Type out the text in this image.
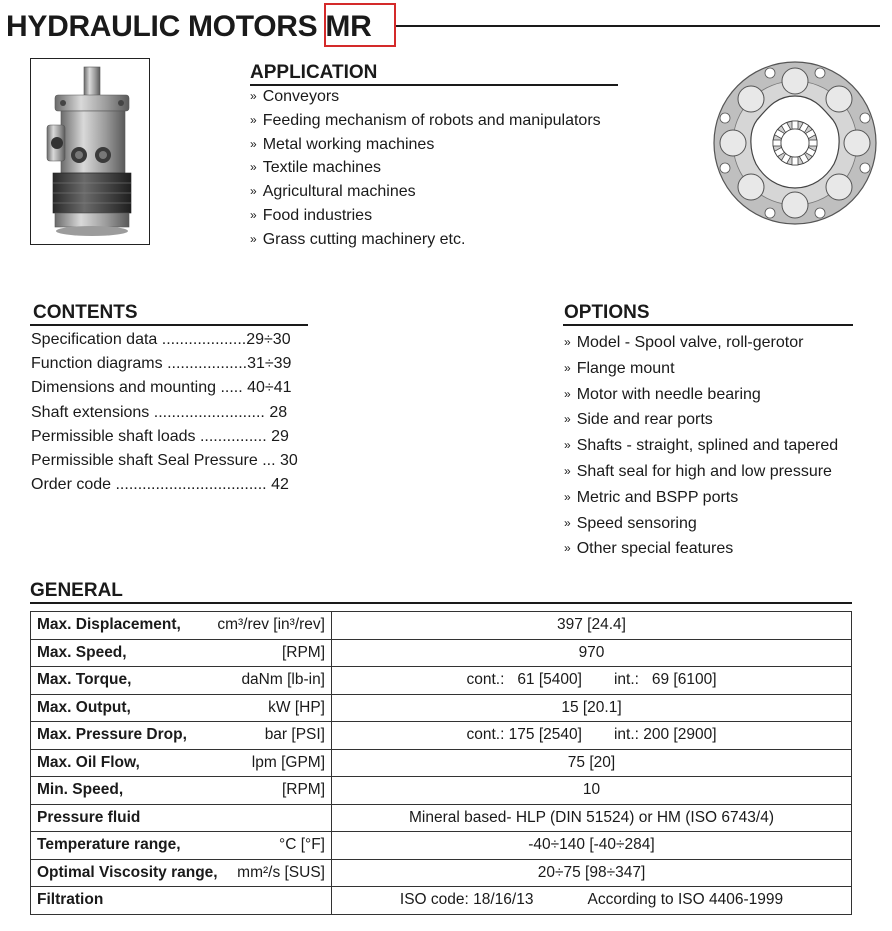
HYDRAULIC MOTORS MR
APPLICATION
» Conveyors
» Feeding mechanism of robots and manipulators
» Metal working machines
» Textile machines
» Agricultural machines
» Food industries
» Grass cutting machinery etc.
CONTENTS
Specification data ...................29÷30
Function diagrams ..................31÷39
Dimensions and mounting ..... 40÷41
Shaft extensions ......................... 28
Permissible shaft loads ............... 29
Permissible shaft Seal Pressure ... 30
Order code .................................. 42
OPTIONS
» Model - Spool valve, roll-gerotor
» Flange mount
» Motor with needle bearing
» Side and rear ports
» Shafts - straight, splined and tapered
» Shaft seal for high and low pressure
» Metric and BSPP ports
» Speed sensoring
» Other special features
GENERAL
Max. Displacement, cm³/rev [in³/rev]	397 [24.4]

Max. Speed, [RPM]	970

Max. Torque, daNm [lb-in]	cont.:   61 [5400] int.:   69 [6100]

Max. Output, kW [HP]	15 [20.1]

Max. Pressure Drop, bar [PSI]	cont.: 175 [2540] int.: 200 [2900]

Max. Oil Flow, lpm [GPM]	75 [20]

Min. Speed, [RPM]	10

Pressure fluid	Mineral based- HLP (DIN 51524) or HM (ISO 6743/4)

Temperature range, °C [°F]	-40÷140 [-40÷284]

Optimal Viscosity range, mm²/s [SUS]	20÷75 [98÷347]

Filtration	ISO code: 18/16/13 According to ISO 4406-1999
